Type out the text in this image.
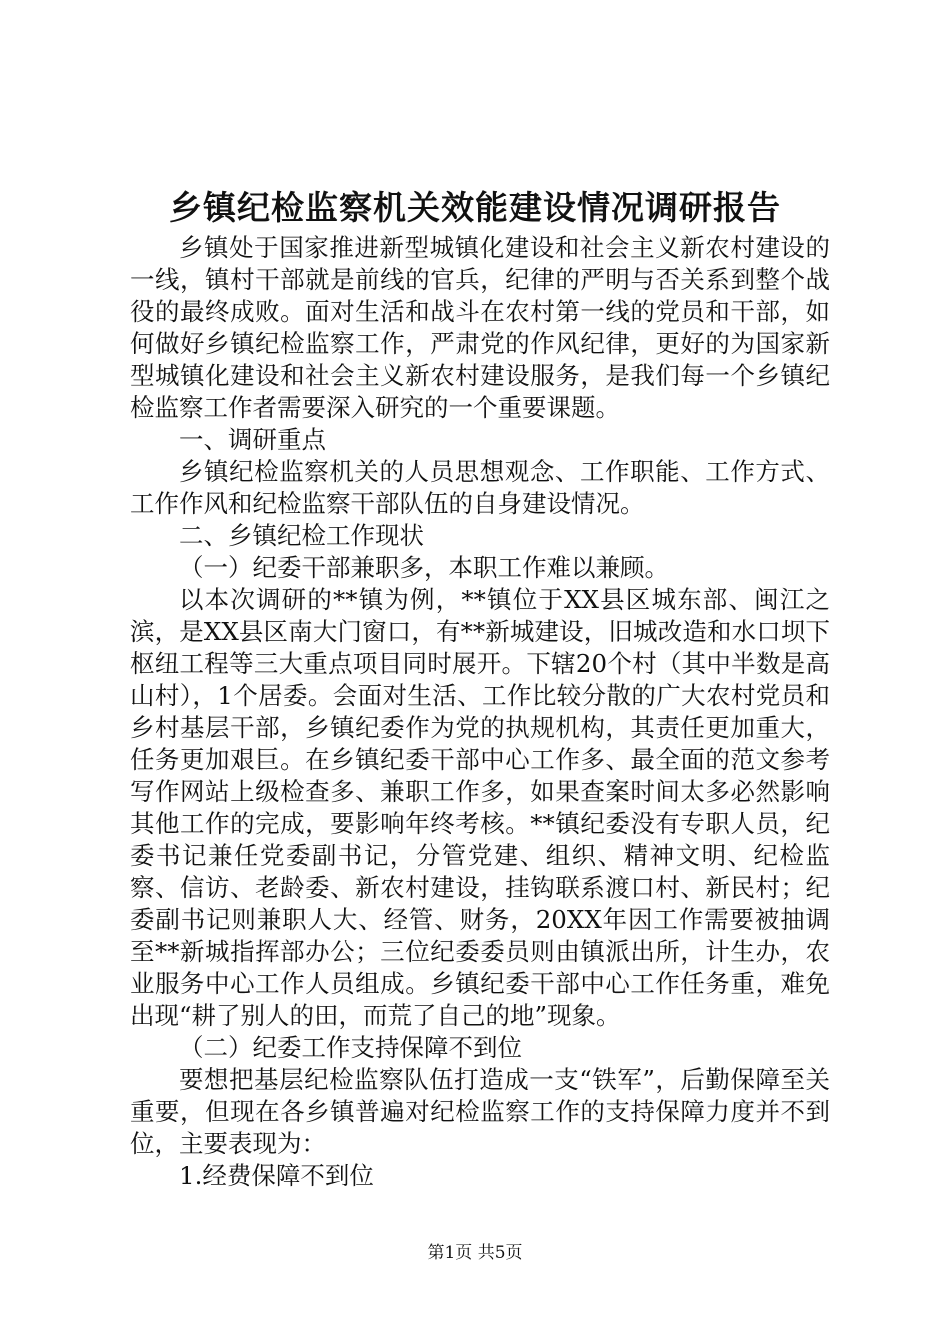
乡镇纪检监察机关效能建设情况调研报告

乡镇处于国家推进新型城镇化建设和社会主义新农村建设的一线，镇村干部就是前线的官兵，纪律的严明与否关系到整个战役的最终成败。面对生活和战斗在农村第一线的党员和干部，如何做好乡镇纪检监察工作，严肃党的作风纪律，更好的为国家新型城镇化建设和社会主义新农村建设服务，是我们每一个乡镇纪检监察工作者需要深入研究的一个重要课题。

一、调研重点

乡镇纪检监察机关的人员思想观念、工作职能、工作方式、工作作风和纪检监察干部队伍的自身建设情况。

二、乡镇纪检工作现状

（一）纪委干部兼职多，本职工作难以兼顾。

以本次调研的**镇为例，**镇位于XX县区城东部、闽江之滨，是XX县区南大门窗口，有**新城建设，旧城改造和水口坝下枢纽工程等三大重点项目同时展开。下辖20个村（其中半数是高山村），1个居委。会面对生活、工作比较分散的广大农村党员和乡村基层干部，乡镇纪委作为党的执规机构，其责任更加重大，任务更加艰巨。在乡镇纪委干部中心工作多、最全面的范文参考写作网站上级检查多、兼职工作多，如果查案时间太多必然影响其他工作的完成，要影响年终考核。**镇纪委没有专职人员，纪委书记兼任党委副书记，分管党建、组织、精神文明、纪检监察、信访、老龄委、新农村建设，挂钩联系渡口村、新民村；纪委副书记则兼职人大、经管、财务，20XX年因工作需要被抽调至**新城指挥部办公；三位纪委委员则由镇派出所，计生办，农业服务中心工作人员组成。乡镇纪委干部中心工作任务重，难免出现“耕了别人的田，而荒了自己的地”现象。

（二）纪委工作支持保障不到位

要想把基层纪检监察队伍打造成一支“铁军”，后勤保障至关重要，但现在各乡镇普遍对纪检监察工作的支持保障力度并不到位，主要表现为：

1.经费保障不到位

第1页 共5页
